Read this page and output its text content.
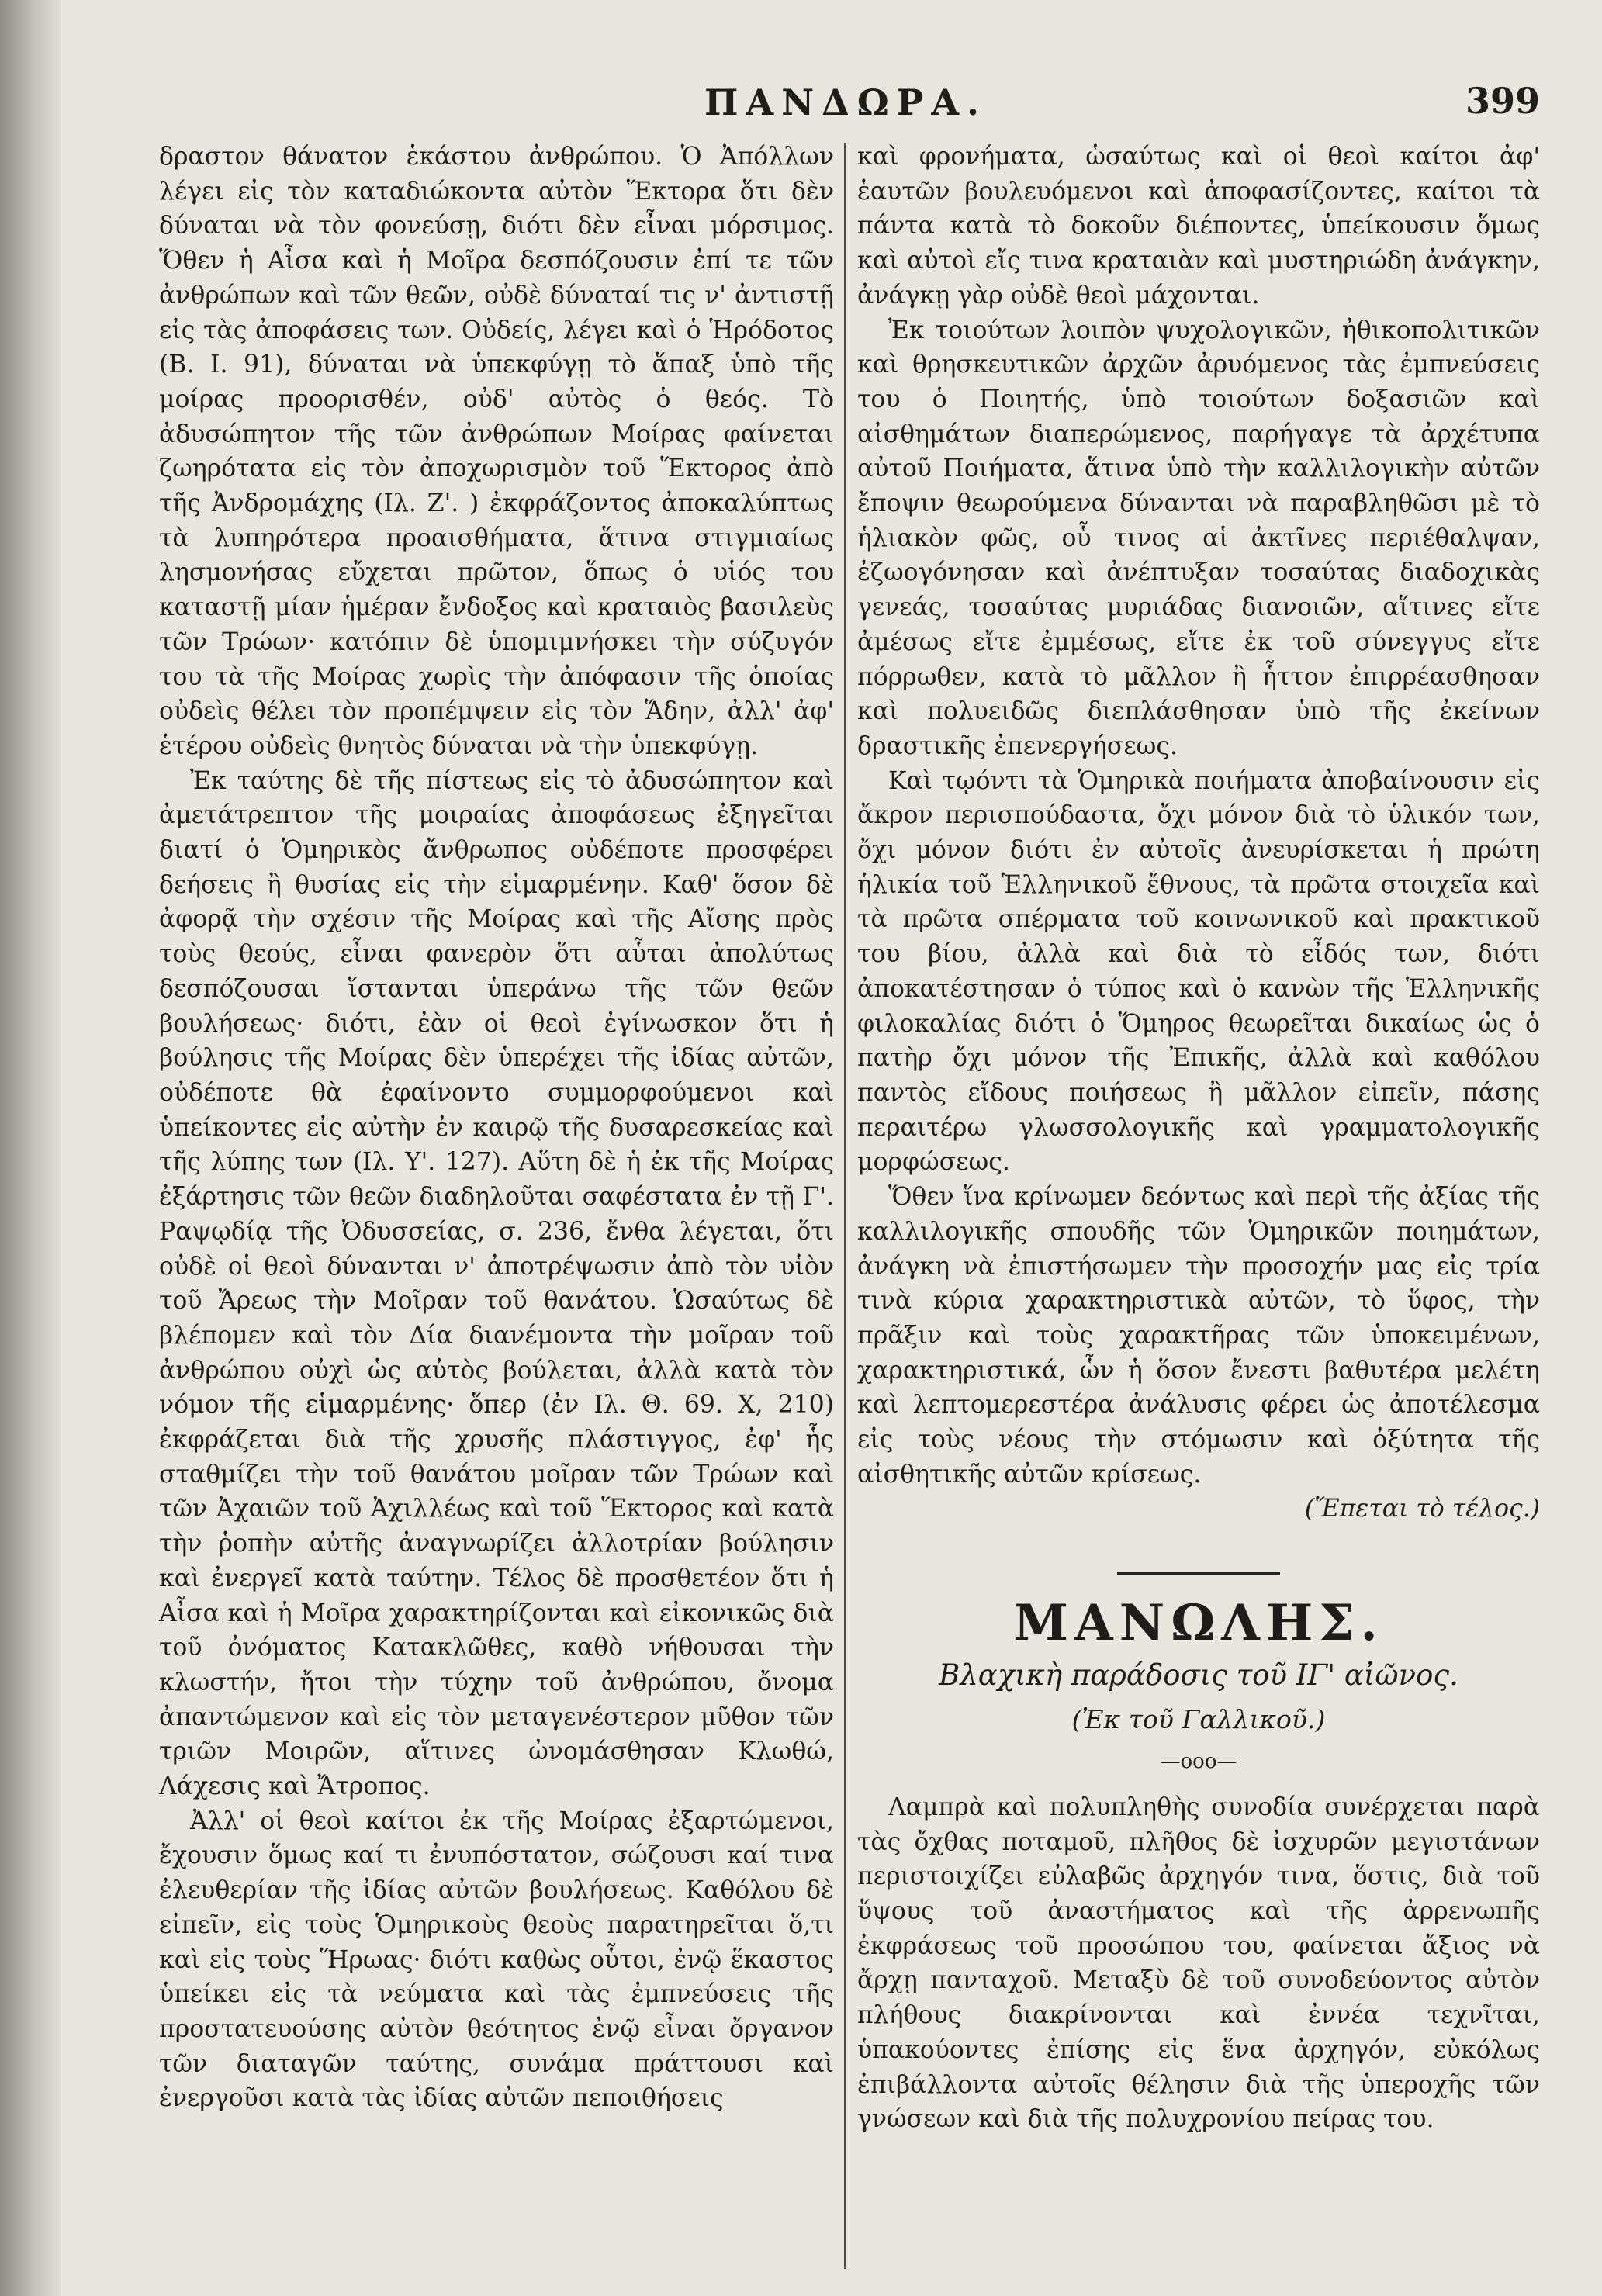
ΠΑΝΔΩΡΑ.	399

δραστον θάνατον ἑκάστου ἀνθρώπου. Ὁ Ἀπόλλων λέγει εἰς τὸν καταδιώκοντα αὐτὸν Ἕκτορα ὅτι δὲν δύναται νὰ τὸν φονεύσῃ, διότι δὲν εἶναι μόρσιμος. Ὅθεν ἡ Αἶσα καὶ ἡ Μοῖρα δεσπόζουσιν ἐπί τε τῶν ἀνθρώπων καὶ τῶν θεῶν, οὐδὲ δύναταί τις ν' ἀντιστῇ εἰς τὰς ἀποφάσεις των. Οὐδείς, λέγει καὶ ὁ Ἡρόδοτος (Β. Ι. 91), δύναται νὰ ὑπεκφύγῃ τὸ ἅπαξ ὑπὸ τῆς μοίρας προορισθέν, οὐδ' αὐτὸς ὁ θεός. Τὸ ἀδυσώπητον τῆς τῶν ἀνθρώπων Μοίρας φαίνεται ζωηρότατα εἰς τὸν ἀποχωρισμὸν τοῦ Ἕκτορος ἀπὸ τῆς Ἀνδρομάχης (Ιλ. Ζ'. ) ἐκφράζοντος ἀποκαλύπτως τὰ λυπηρότερα προαισθήματα, ἅτινα στιγμιαίως λησμονήσας εὔχεται πρῶτον, ὅπως ὁ υἱός του καταστῇ μίαν ἡμέραν ἔνδοξος καὶ κραταιὸς βασιλεὺς τῶν Τρώων· κατόπιν δὲ ὑπομιμνήσκει τὴν σύζυγόν του τὰ τῆς Μοίρας χωρὶς τὴν ἀπόφασιν τῆς ὁποίας οὐδεὶς θέλει τὸν προπέμψειν εἰς τὸν Ἅδην, ἀλλ' ἀφ' ἑτέρου οὐδεὶς θνητὸς δύναται νὰ τὴν ὑπεκφύγῃ.

Ἐκ ταύτης δὲ τῆς πίστεως εἰς τὸ ἀδυσώπητον καὶ ἀμετάτρεπτον τῆς μοιραίας ἀποφάσεως ἐξηγεῖται διατί ὁ Ὁμηρικὸς ἄνθρωπος οὐδέποτε προσφέρει δεήσεις ἢ θυσίας εἰς τὴν εἱμαρμένην. Καθ' ὅσον δὲ ἀφορᾷ τὴν σχέσιν τῆς Μοίρας καὶ τῆς Αἴσης πρὸς τοὺς θεούς, εἶναι φανερὸν ὅτι αὗται ἀπολύτως δεσπόζουσαι ἵστανται ὑπεράνω τῆς τῶν θεῶν βουλήσεως· διότι, ἐὰν οἱ θεοὶ ἐγίνωσκον ὅτι ἡ βούλησις τῆς Μοίρας δὲν ὑπερέχει τῆς ἰδίας αὐτῶν, οὐδέποτε θὰ ἐφαίνοντο συμμορφούμενοι καὶ ὑπείκοντες εἰς αὐτὴν ἐν καιρῷ τῆς δυσαρεσκείας καὶ τῆς λύπης των (Ιλ. Υ'. 127). Αὕτη δὲ ἡ ἐκ τῆς Μοίρας ἐξάρτησις τῶν θεῶν διαδηλοῦται σαφέστατα ἐν τῇ Γ'. Ραψῳδίᾳ τῆς Ὀδυσσείας, σ. 236, ἔνθα λέγεται, ὅτι οὐδὲ οἱ θεοὶ δύνανται ν' ἀποτρέψωσιν ἀπὸ τὸν υἱὸν τοῦ Ἄρεως τὴν Μοῖραν τοῦ θανάτου. Ὡσαύτως δὲ βλέπομεν καὶ τὸν Δία διανέμοντα τὴν μοῖραν τοῦ ἀνθρώπου οὐχὶ ὡς αὐτὸς βούλεται, ἀλλὰ κατὰ τὸν νόμον τῆς εἱμαρμένης· ὅπερ (ἐν Ιλ. Θ. 69. Χ, 210) ἐκφράζεται διὰ τῆς χρυσῆς πλάστιγγος, ἐφ' ἧς σταθμίζει τὴν τοῦ θανάτου μοῖραν τῶν Τρώων καὶ τῶν Ἀχαιῶν τοῦ Ἀχιλλέως καὶ τοῦ Ἕκτορος καὶ κατὰ τὴν ῥοπὴν αὐτῆς ἀναγνωρίζει ἀλλοτρίαν βούλησιν καὶ ἐνεργεῖ κατὰ ταύτην. Τέλος δὲ προσθετέον ὅτι ἡ Αἶσα καὶ ἡ Μοῖρα χαρακτηρίζονται καὶ εἰκονικῶς διὰ τοῦ ὀνόματος Κατακλῶθες, καθὸ νήθουσαι τὴν κλωστήν, ἤτοι τὴν τύχην τοῦ ἀνθρώπου, ὄνομα ἀπαντώμενον καὶ εἰς τὸν μεταγενέστερον μῦθον τῶν τριῶν Μοιρῶν, αἵτινες ὠνομάσθησαν Κλωθώ, Λάχεσις καὶ Ἄτροπος.

Ἀλλ' οἱ θεοὶ καίτοι ἐκ τῆς Μοίρας ἐξαρτώμενοι, ἔχουσιν ὅμως καί τι ἐνυπόστατον, σώζουσι καί τινα ἐλευθερίαν τῆς ἰδίας αὐτῶν βουλήσεως. Καθόλου δὲ εἰπεῖν, εἰς τοὺς Ὁμηρικοὺς θεοὺς παρατηρεῖται ὅ,τι καὶ εἰς τοὺς Ἥρωας· διότι καθὼς οὗτοι, ἐνῷ ἕκαστος ὑπείκει εἰς τὰ νεύματα καὶ τὰς ἐμπνεύσεις τῆς προστατευούσης αὐτὸν θεότητος ἐνῷ εἶναι ὄργανον τῶν διαταγῶν ταύτης, συνάμα πράττουσι καὶ ἐνεργοῦσι κατὰ τὰς ἰδίας αὐτῶν πεποιθήσεις

καὶ φρονήματα, ὡσαύτως καὶ οἱ θεοὶ καίτοι ἀφ' ἑαυτῶν βουλευόμενοι καὶ ἀποφασίζοντες, καίτοι τὰ πάντα κατὰ τὸ δοκοῦν διέποντες, ὑπείκουσιν ὅμως καὶ αὐτοὶ εἴς τινα κραταιὰν καὶ μυστηριώδη ἀνάγκην, ἀνάγκῃ γὰρ οὐδὲ θεοὶ μάχονται.

Ἐκ τοιούτων λοιπὸν ψυχολογικῶν, ἠθικοπολιτικῶν καὶ θρησκευτικῶν ἀρχῶν ἀρυόμενος τὰς ἐμπνεύσεις του ὁ Ποιητής, ὑπὸ τοιούτων δοξασιῶν καὶ αἰσθημάτων διαπερώμενος, παρήγαγε τὰ ἀρχέτυπα αὐτοῦ Ποιήματα, ἅτινα ὑπὸ τὴν καλλιλογικὴν αὐτῶν ἔποψιν θεωρούμενα δύνανται νὰ παραβληθῶσι μὲ τὸ ἡλιακὸν φῶς, οὗ τινος αἱ ἀκτῖνες περιέθαλψαν, ἐζωογόνησαν καὶ ἀνέπτυξαν τοσαύτας διαδοχικὰς γενεάς, τοσαύτας μυριάδας διανοιῶν, αἵτινες εἴτε ἀμέσως εἴτε ἐμμέσως, εἴτε ἐκ τοῦ σύνεγγυς εἴτε πόρρωθεν, κατὰ τὸ μᾶλλον ἢ ἧττον ἐπιρρέασθησαν καὶ πολυειδῶς διεπλάσθησαν ὑπὸ τῆς ἐκείνων δραστικῆς ἐπενεργήσεως.

Καὶ τῳόντι τὰ Ὁμηρικὰ ποιήματα ἀποβαίνουσιν εἰς ἄκρον περισπούδαστα, ὄχι μόνον διὰ τὸ ὑλικόν των, ὄχι μόνον διότι ἐν αὐτοῖς ἀνευρίσκεται ἡ πρώτη ἡλικία τοῦ Ἑλληνικοῦ ἔθνους, τὰ πρῶτα στοιχεῖα καὶ τὰ πρῶτα σπέρματα τοῦ κοινωνικοῦ καὶ πρακτικοῦ του βίου, ἀλλὰ καὶ διὰ τὸ εἶδός των, διότι ἀποκατέστησαν ὁ τύπος καὶ ὁ κανὼν τῆς Ἑλληνικῆς φιλοκαλίας διότι ὁ Ὅμηρος θεωρεῖται δικαίως ὡς ὁ πατὴρ ὄχι μόνον τῆς Ἐπικῆς, ἀλλὰ καὶ καθόλου παντὸς εἴδους ποιήσεως ἢ μᾶλλον εἰπεῖν, πάσης περαιτέρω γλωσσολογικῆς καὶ γραμματολογικῆς μορφώσεως.

Ὅθεν ἵνα κρίνωμεν δεόντως καὶ περὶ τῆς ἀξίας τῆς καλλιλογικῆς σπουδῆς τῶν Ὁμηρικῶν ποιημάτων, ἀνάγκη νὰ ἐπιστήσωμεν τὴν προσοχήν μας εἰς τρία τινὰ κύρια χαρακτηριστικὰ αὐτῶν, τὸ ὕφος, τὴν πρᾶξιν καὶ τοὺς χαρακτῆρας τῶν ὑποκειμένων, χαρακτηριστικά, ὧν ἡ ὅσον ἔνεστι βαθυτέρα μελέτη καὶ λεπτομερεστέρα ἀνάλυσις φέρει ὡς ἀποτέλεσμα εἰς τοὺς νέους τὴν στόμωσιν καὶ ὀξύτητα τῆς αἰσθητικῆς αὐτῶν κρίσεως.

(Ἕπεται τὸ τέλος.)

ΜΑΝΩΛΗΣ.
Βλαχικὴ παράδοσις τοῦ ΙΓ' αἰῶνος.
(Ἐκ τοῦ Γαλλικοῦ.)
—ooo—

Λαμπρὰ καὶ πολυπληθὴς συνοδία συνέρχεται παρὰ τὰς ὄχθας ποταμοῦ, πλῆθος δὲ ἰσχυρῶν μεγιστάνων περιστοιχίζει εὐλαβῶς ἀρχηγόν τινα, ὅστις, διὰ τοῦ ὕψους τοῦ ἀναστήματος καὶ τῆς ἀρρενωπῆς ἐκφράσεως τοῦ προσώπου του, φαίνεται ἄξιος νὰ ἄρχῃ πανταχοῦ. Μεταξὺ δὲ τοῦ συνοδεύοντος αὐτὸν πλήθους διακρίνονται καὶ ἐννέα τεχνῖται, ὑπακούοντες ἐπίσης εἰς ἕνα ἀρχηγόν, εὐκόλως ἐπιβάλλοντα αὐτοῖς θέλησιν διὰ τῆς ὑπεροχῆς τῶν γνώσεων καὶ διὰ τῆς πολυχρονίου πείρας του.
